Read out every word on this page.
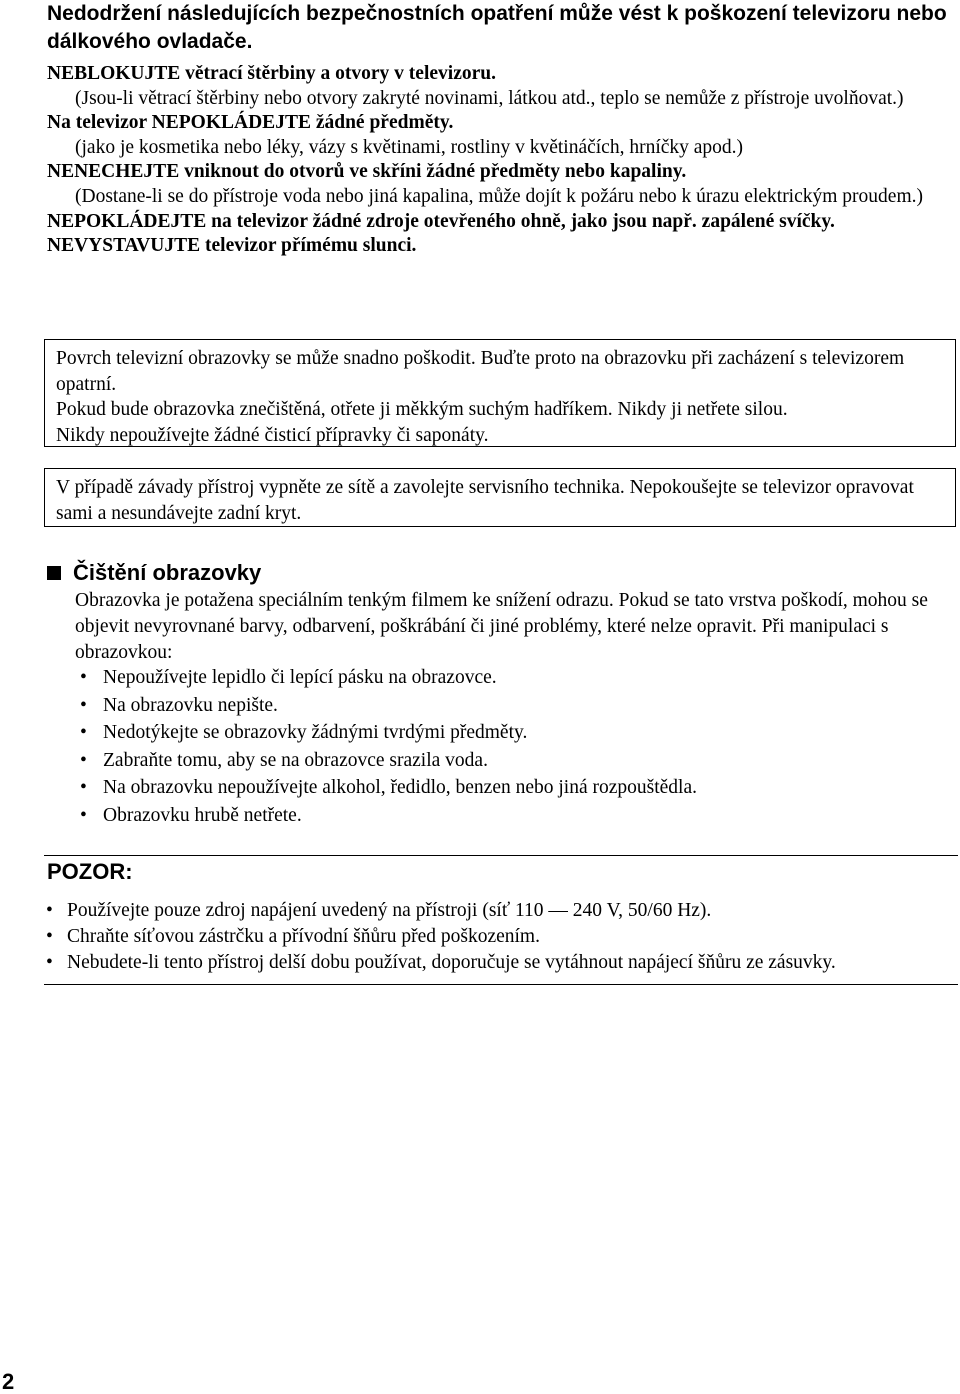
Nedodržení následujících bezpečnostních opatření může vést k poškození televizoru nebo dálkového ovladače.
NEBLOKUJTE větrací štěrbiny a otvory v televizoru.
(Jsou-li větrací štěrbiny nebo otvory zakryté novinami, látkou atd., teplo se nemůže z přístroje uvolňovat.)
Na televizor NEPOKLÁDEJTE žádné předměty.
(jako je kosmetika nebo léky, vázy s květinami, rostliny v květináčích, hrníčky apod.)
NENECHEJTE vniknout do otvorů ve skříni žádné předměty nebo kapaliny.
(Dostane-li se do přístroje voda nebo jiná kapalina, může dojít k požáru nebo k úrazu elektrickým proudem.)
NEPOKLÁDEJTE na televizor žádné zdroje otevřeného ohně, jako jsou např. zapálené svíčky.
NEVYSTAVUJTE televizor přímému slunci.
Povrch televizní obrazovky se může snadno poškodit. Buďte proto na obrazovku při zacházení s televizorem opatrní.
Pokud bude obrazovka znečištěná, otřete ji měkkým suchým hadříkem. Nikdy ji netřete silou.
Nikdy nepoužívejte žádné čisticí přípravky či saponáty.
V případě závady přístroj vypněte ze sítě a zavolejte servisního technika. Nepokoušejte se televizor opravovat sami a nesundávejte zadní kryt.
Čištění obrazovky
Obrazovka je potažena speciálním tenkým filmem ke snížení odrazu. Pokud se tato vrstva poškodí, mohou se objevit nevyrovnané barvy, odbarvení, poškrábání či jiné problémy, které nelze opravit. Při manipulaci s obrazovkou:
• Nepoužívejte lepidlo či lepící pásku na obrazovce.
• Na obrazovku nepište.
• Nedotýkejte se obrazovky žádnými tvrdými předměty.
• Zabraňte tomu, aby se na obrazovce srazila voda.
• Na obrazovku nepoužívejte alkohol, ředidlo, benzen nebo jiná rozpouštědla.
• Obrazovku hrubě netřete.
POZOR:
• Používejte pouze zdroj napájení uvedený na přístroji (síť 110 — 240 V, 50/60 Hz).
• Chraňte síťovou zástrčku a přívodní šňůru před poškozením.
• Nebudete-li tento přístroj delší dobu používat, doporučuje se vytáhnout napájecí šňůru ze zásuvky.
2
